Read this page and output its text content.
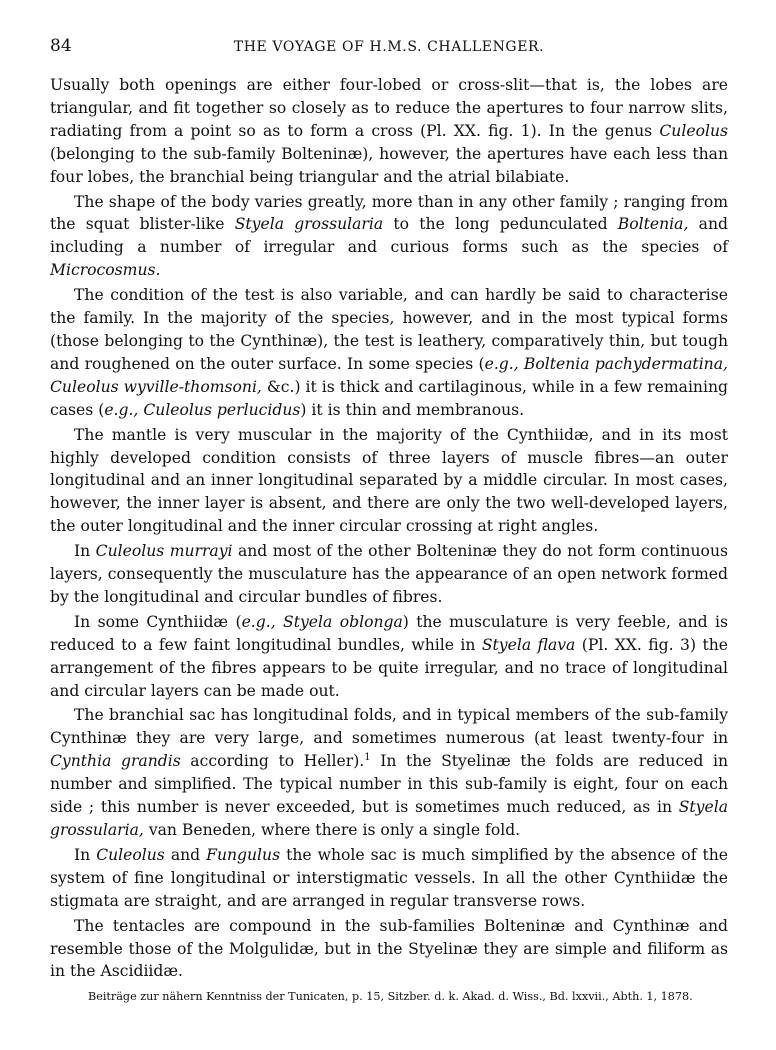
84	THE VOYAGE OF H.M.S. CHALLENGER.

Usually both openings are either four-lobed or cross-slit—that is, the lobes are triangular, and fit together so closely as to reduce the apertures to four narrow slits, radiating from a point so as to form a cross (Pl. XX. fig. 1). In the genus Culeolus (belonging to the sub-family Bolteninæ), however, the apertures have each less than four lobes, the branchial being triangular and the atrial bilabiate.

The shape of the body varies greatly, more than in any other family ; ranging from the squat blister-like Styela grossularia to the long pedunculated Boltenia, and including a number of irregular and curious forms such as the species of Microcosmus.

The condition of the test is also variable, and can hardly be said to characterise the family. In the majority of the species, however, and in the most typical forms (those belonging to the Cynthinæ), the test is leathery, comparatively thin, but tough and roughened on the outer surface. In some species (e.g., Boltenia pachydermatina, Culeolus wyville-thomsoni, &c.) it is thick and cartilaginous, while in a few remaining cases (e.g., Culeolus perlucidus) it is thin and membranous.

The mantle is very muscular in the majority of the Cynthiidæ, and in its most highly developed condition consists of three layers of muscle fibres—an outer longitudinal and an inner longitudinal separated by a middle circular. In most cases, however, the inner layer is absent, and there are only the two well-developed layers, the outer longitudinal and the inner circular crossing at right angles.

In Culeolus murrayi and most of the other Bolteninæ they do not form continuous layers, consequently the musculature has the appearance of an open network formed by the longitudinal and circular bundles of fibres.

In some Cynthiidæ (e.g., Styela oblonga) the musculature is very feeble, and is reduced to a few faint longitudinal bundles, while in Styela flava (Pl. XX. fig. 3) the arrangement of the fibres appears to be quite irregular, and no trace of longitudinal and circular layers can be made out.

The branchial sac has longitudinal folds, and in typical members of the sub-family Cynthinæ they are very large, and sometimes numerous (at least twenty-four in Cynthia grandis according to Heller).$^1$ In the Styelinæ the folds are reduced in number and simplified. The typical number in this sub-family is eight, four on each side ; this number is never exceeded, but is sometimes much reduced, as in Styela grossularia, van Beneden, where there is only a single fold.

In Culeolus and Fungulus the whole sac is much simplified by the absence of the system of fine longitudinal or interstigmatic vessels. In all the other Cynthiidæ the stigmata are straight, and are arranged in regular transverse rows.

The tentacles are compound in the sub-families Bolteninæ and Cynthinæ and resemble those of the Molgulidæ, but in the Styelinæ they are simple and filiform as in the Ascidiidæ.

Beiträge zur nähern Kenntniss der Tunicaten, p. 15, Sitzber. d. k. Akad. d. Wiss., Bd. lxxvii., Abth. 1, 1878.
